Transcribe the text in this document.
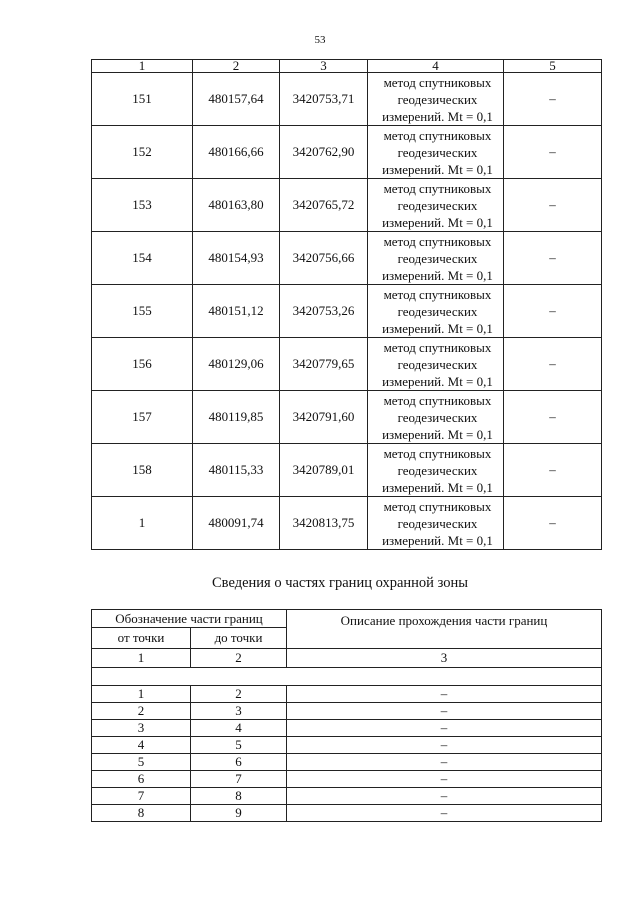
53
1	2	3	4	5
151	480157,64	3420753,71	метод спутниковых
геодезических
измерений. Mt = 0,1	–
152	480166,66	3420762,90	метод спутниковых
геодезических
измерений. Mt = 0,1	–
153	480163,80	3420765,72	метод спутниковых
геодезических
измерений. Mt = 0,1	–
154	480154,93	3420756,66	метод спутниковых
геодезических
измерений. Mt = 0,1	–
155	480151,12	3420753,26	метод спутниковых
геодезических
измерений. Mt = 0,1	–
156	480129,06	3420779,65	метод спутниковых
геодезических
измерений. Mt = 0,1	–
157	480119,85	3420791,60	метод спутниковых
геодезических
измерений. Mt = 0,1	–
158	480115,33	3420789,01	метод спутниковых
геодезических
измерений. Mt = 0,1	–
1	480091,74	3420813,75	метод спутниковых
геодезических
измерений. Mt = 0,1	–
Сведения о частях границ охранной зоны
Обозначение части границ		Описание прохождения части границ
от точки	до точки	
1	2	3

1	2	–
2	3	–
3	4	–
4	5	–
5	6	–
6	7	–
7	8	–
8	9	–
